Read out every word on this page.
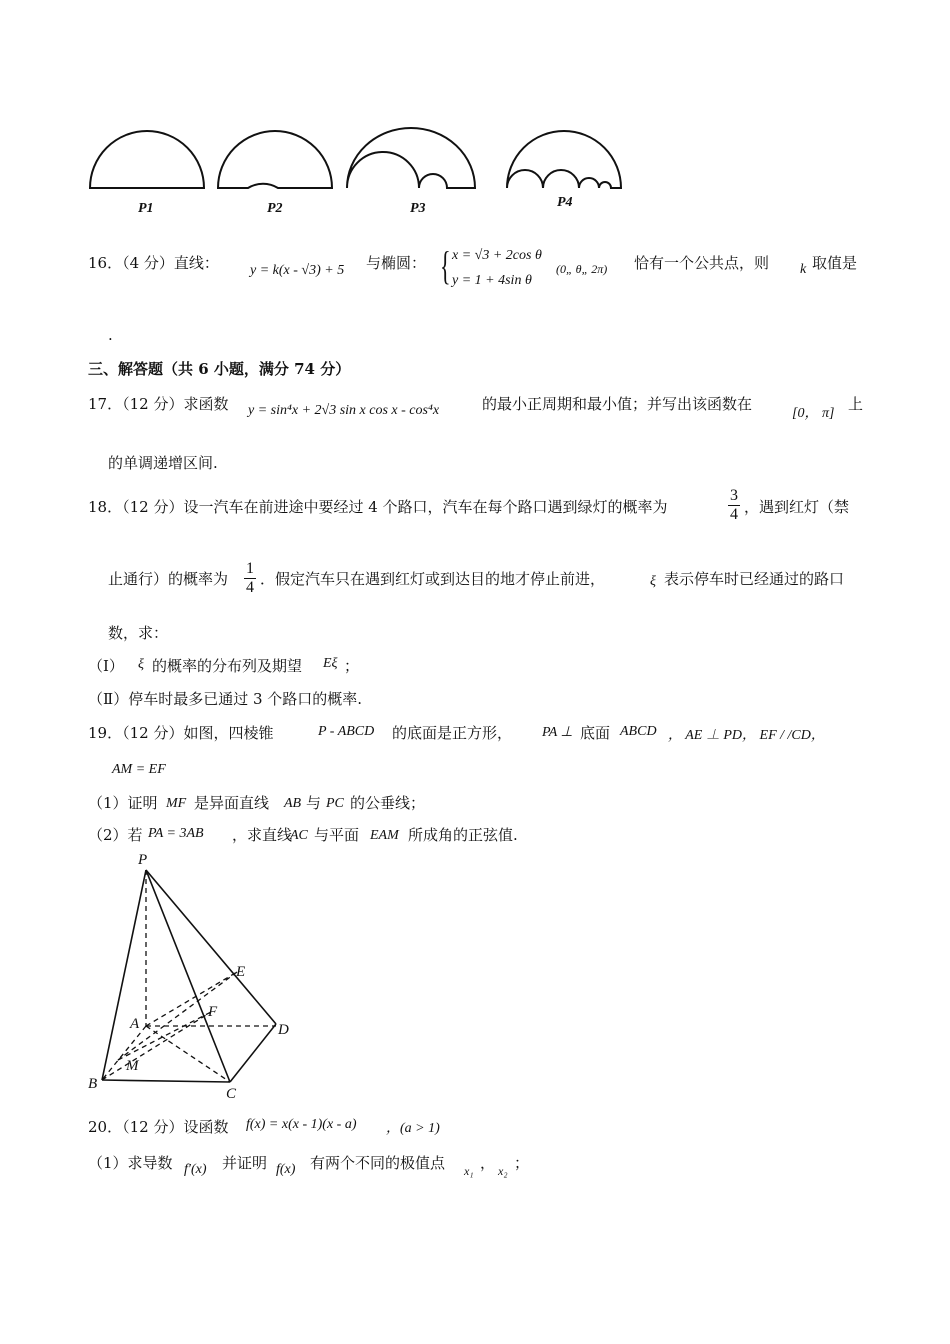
P1	P2	P3	P4
16．（4 分）直线： y = k(x - √3) + 5 与椭圆： { x = √3 + 2cos θ
y = 1 + 4sin θ
(0„ θ„ 2π) 恰有一个公共点，则 k 取值是
.
三、解答题（共 6 小题，满分 74 分）
17．（12 分）求函数 y = sin⁴x + 2√3 sin x cos x - cos⁴x	的最小正周期和最小值；并写出该函数在
[0， π]
上
的单调递增区间.
18．（12 分）设一汽车在前进途中要经过 4 个路口，汽车在每个路口遇到绿灯的概率为	$\frac{3}{4}$ ，遇到红灯（禁
止通行）的概率为 $\frac{1}{4}$ ．假定汽车只在遇到红灯或到达目的地才停止前进，	ξ 表示停车时已经通过的路口
数，求：
（Ⅰ） ξ 的概率的分布列及期望 Eξ ；
（Ⅱ）停车时最多已通过 3 个路口的概率.
19．（12 分）如图，四棱锥	P - ABCD 的底面是正方形， PA ⊥ 底面 ABCD ， AE ⊥ PD， EF / /CD，
AM = EF
（1）证明 MF 是异面直线 AB 与 PC 的公垂线；
（2）若 PA = 3AB ，求直线
AC 与平面 EAM 所成角的正弦值.
P
E
F
A	D
M
B
C
20．（12 分）设函数 f(x) = x(x - 1)(x - a) ，(a > 1)
（1）求导数 f′(x) 并证明 f(x) 有两个不同的极值点 x₁ ， x₂ ；
